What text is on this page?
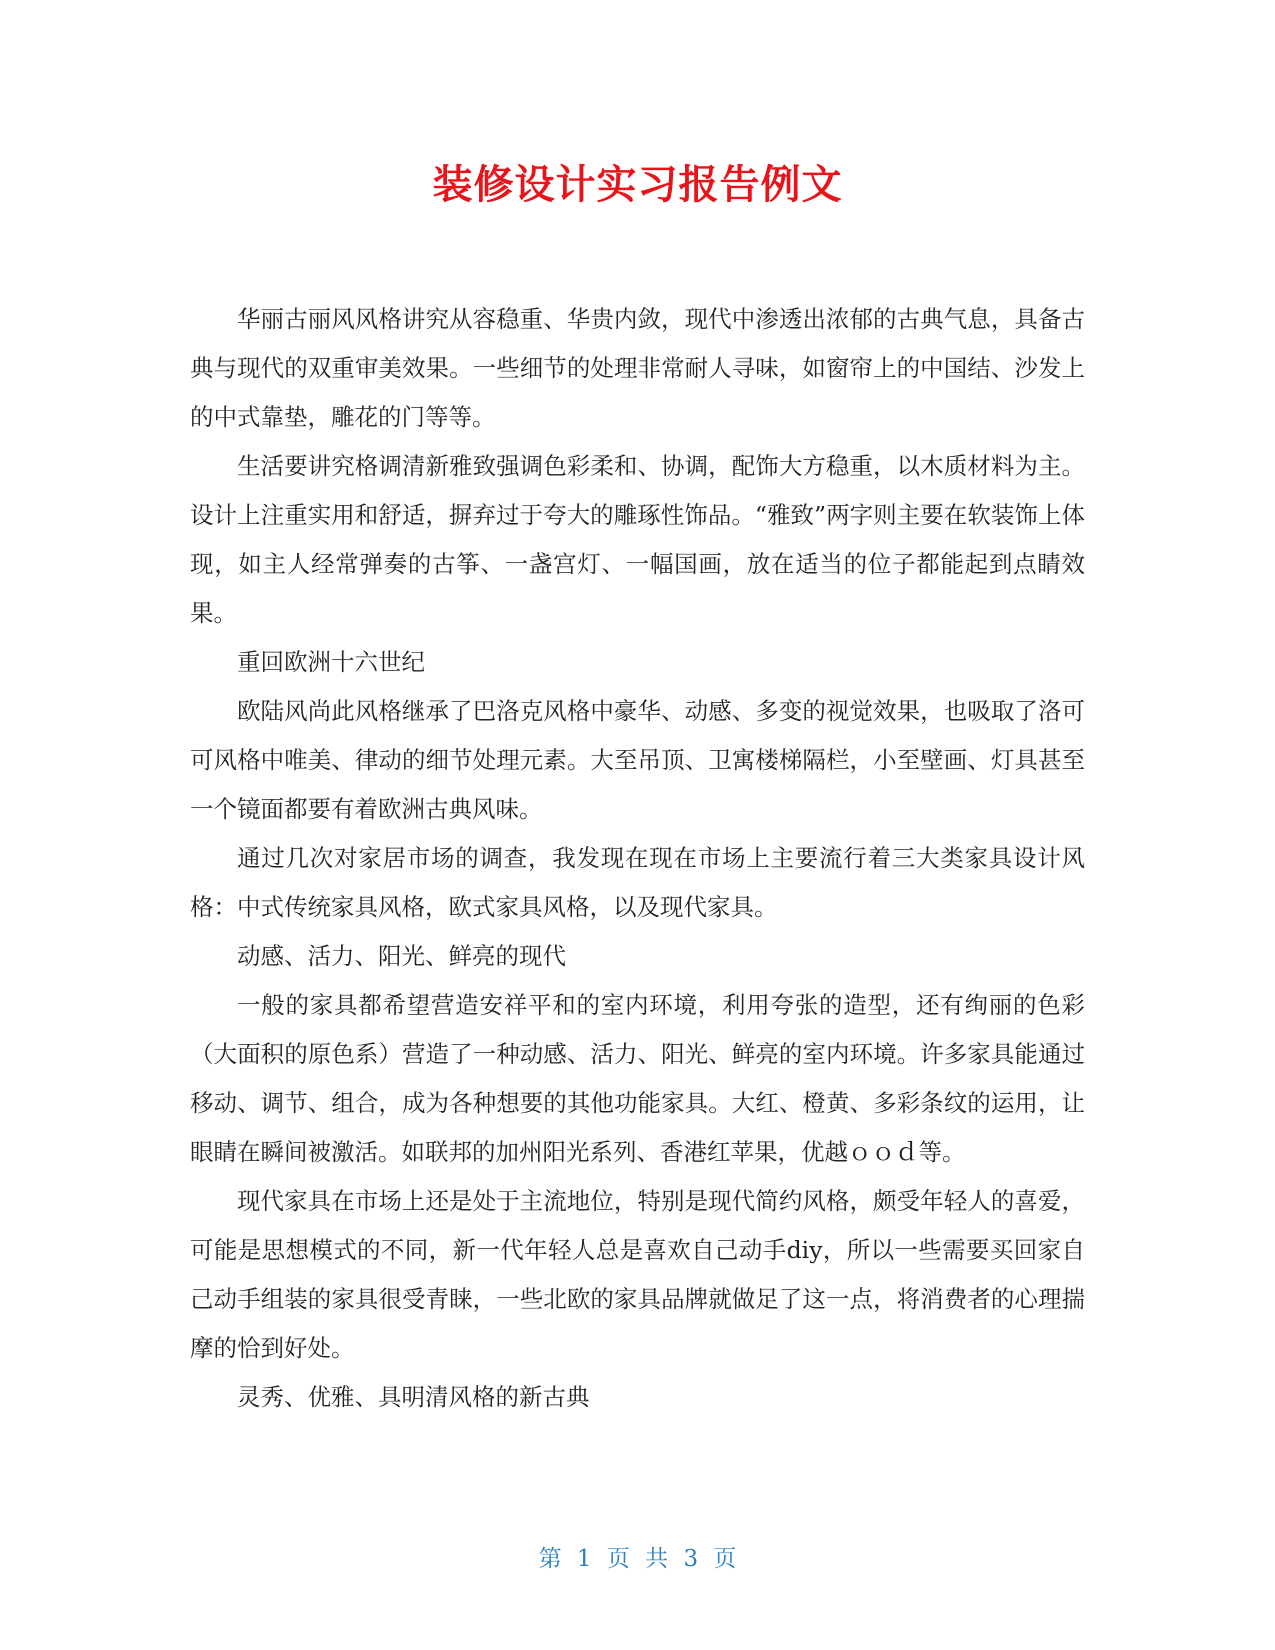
装修设计实习报告例文

华丽古丽风风格讲究从容稳重、华贵内敛，现代中渗透出浓郁的古典气息，具备古典与现代的双重审美效果。一些细节的处理非常耐人寻味，如窗帘上的中国结、沙发上的中式靠垫，雕花的门等等。

生活要讲究格调清新雅致强调色彩柔和、协调，配饰大方稳重，以木质材料为主。设计上注重实用和舒适，摒弃过于夸大的雕琢性饰品。“雅致”两字则主要在软装饰上体现，如主人经常弹奏的古筝、一盏宫灯、一幅国画，放在适当的位子都能起到点睛效果。

重回欧洲十六世纪

欧陆风尚此风格继承了巴洛克风格中豪华、动感、多变的视觉效果，也吸取了洛可可风格中唯美、律动的细节处理元素。大至吊顶、卫寓楼梯隔栏，小至壁画、灯具甚至一个镜面都要有着欧洲古典风味。

通过几次对家居市场的调查，我发现在现在市场上主要流行着三大类家具设计风格：中式传统家具风格，欧式家具风格，以及现代家具。

动感、活力、阳光、鲜亮的现代

一般的家具都希望营造安祥平和的室内环境，利用夸张的造型，还有绚丽的色彩（大面积的原色系）营造了一种动感、活力、阳光、鲜亮的室内环境。许多家具能通过移动、调节、组合，成为各种想要的其他功能家具。大红、橙黄、多彩条纹的运用，让眼睛在瞬间被激活。如联邦的加州阳光系列、香港红苹果，优越ｏｏｄ等。

现代家具在市场上还是处于主流地位，特别是现代简约风格，颇受年轻人的喜爱，可能是思想模式的不同，新一代年轻人总是喜欢自己动手diy，所以一些需要买回家自己动手组装的家具很受青睐，一些北欧的家具品牌就做足了这一点，将消费者的心理揣摩的恰到好处。

灵秀、优雅、具明清风格的新古典

第 1 页 共 3 页
